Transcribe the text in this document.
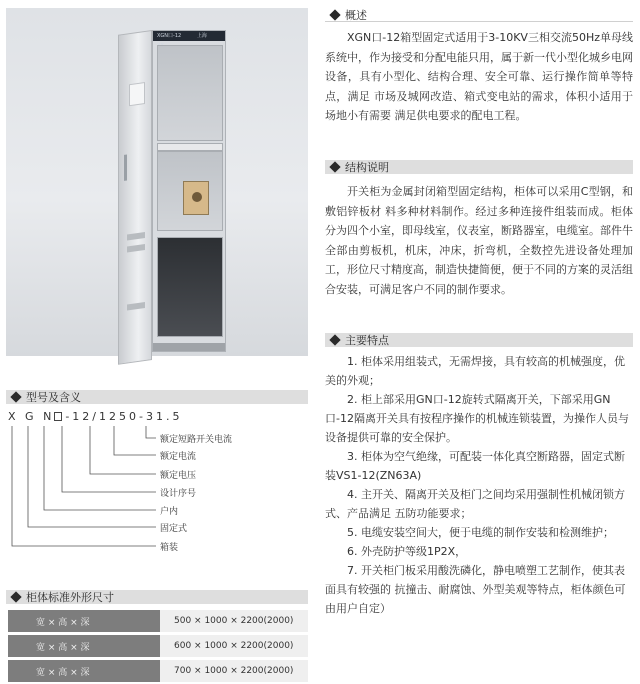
XGN口-12	上海
概述

XGN口-12箱型固定式适用于3-10KV三相交流50Hz单母线系统中，作为接受和分配电能只用，属于新一代小型化城乡电网设备，具有小型化、结构合理、安全可靠、运行操作简单等特点，满足 市场及城网改造、箱式变电站的需求，体积小适用于场地小有需要 满足供电要求的配电工程。

结构说明

开关柜为金属封闭箱型固定结构，柜体可以采用C型钢，和敷铝锌板材 料多种材料制作。经过多种连接件组装而成。柜体 分为四个小室，即母线室，仪表室，断路器室，电缆室。部件牛全部由剪板机，机床，冲床，折弯机，全数控先进设备处理加工，形位尺寸精度高，制造快捷简便，便于不同的方案的灵活组合安装，可满足客户不同的制作要求。

主要特点
1. 柜体采用组装式，无需焊接，具有较高的机械强度，优美的外观；
2. 柜上部采用GN口-12旋转式隔离开关，下部采用GN口-12隔离开关具有按程序操作的机械连锁装置，为操作人员与设备提供可靠的安全保护。
3. 柜体为空气绝缘，可配装一体化真空断路器，固定式断装VS1-12(ZN63A)
4. 主开关、隔离开关及柜门之间均采用强制性机械闭锁方式、产品满足 五防功能要求；
5. 电缆安装空间大，便于电缆的制作安装和检测维护；
6. 外壳防护等级1P2X，
7. 开关柜门板采用酸洗磷化，静电喷塑工艺制作，使其表面具有较强的 抗撞击、耐腐蚀、外型美观等特点，柜体颜色可由用户自定）
型号及含义
X G N -12/1250-31.5
额定短路开关电流
额定电流
额定电压
设计序号
户内
固定式
箱装
柜体标准外形尺寸
宽 × 高 × 深	500 × 1000 × 2200(2000)
宽 × 高 × 深	600 × 1000 × 2200(2000)
宽 × 高 × 深	700 × 1000 × 2200(2000)
